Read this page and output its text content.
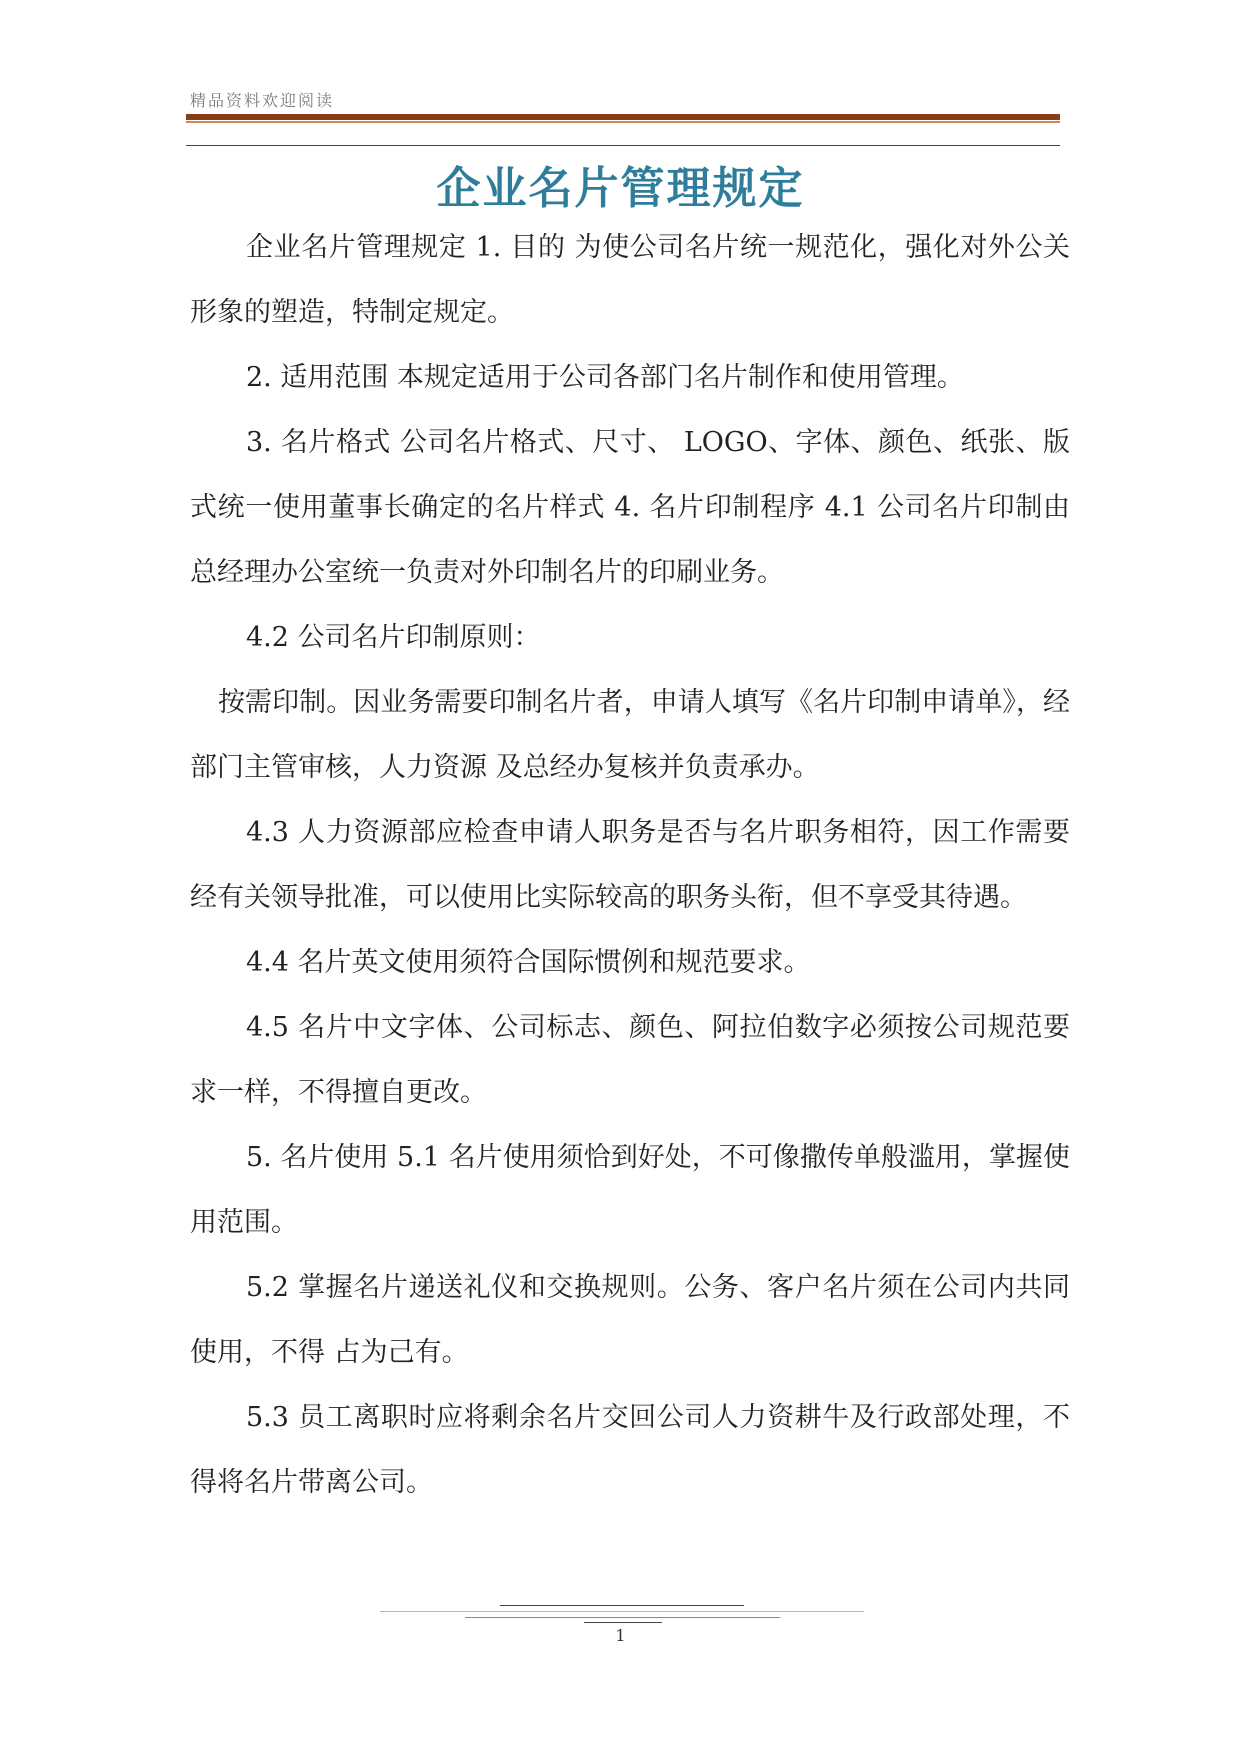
精品资料欢迎阅读
企业名片管理规定

企业名片管理规定 1. 目的 为使公司名片统一规范化，强化对外公关形象的塑造，特制定规定。

2. 适用范围 本规定适用于公司各部门名片制作和使用管理。

3. 名片格式 公司名片格式、尺寸、 LOGO、字体、颜色、纸张、版式统一使用董事长确定的名片样式 4. 名片印制程序 4.1 公司名片印制由总经理办公室统一负责对外印制名片的印刷业务。

4.2 公司名片印制原则：

按需印制。因业务需要印制名片者，申请人填写《名片印制申请单》，经部门主管审核，人力资源 及总经办复核并负责承办。

4.3 人力资源部应检查申请人职务是否与名片职务相符，因工作需要经有关领导批准，可以使用比实际较高的职务头衔，但不享受其待遇。

4.4 名片英文使用须符合国际惯例和规范要求。

4.5 名片中文字体、公司标志、颜色、阿拉伯数字必须按公司规范要求一样，不得擅自更改。

5. 名片使用 5.1 名片使用须恰到好处，不可像撒传单般滥用，掌握使用范围。

5.2 掌握名片递送礼仪和交换规则。公务、客户名片须在公司内共同使用，不得 占为己有。

5.3 员工离职时应将剩余名片交回公司人力资耕牛及行政部处理，不得将名片带离公司。

1
